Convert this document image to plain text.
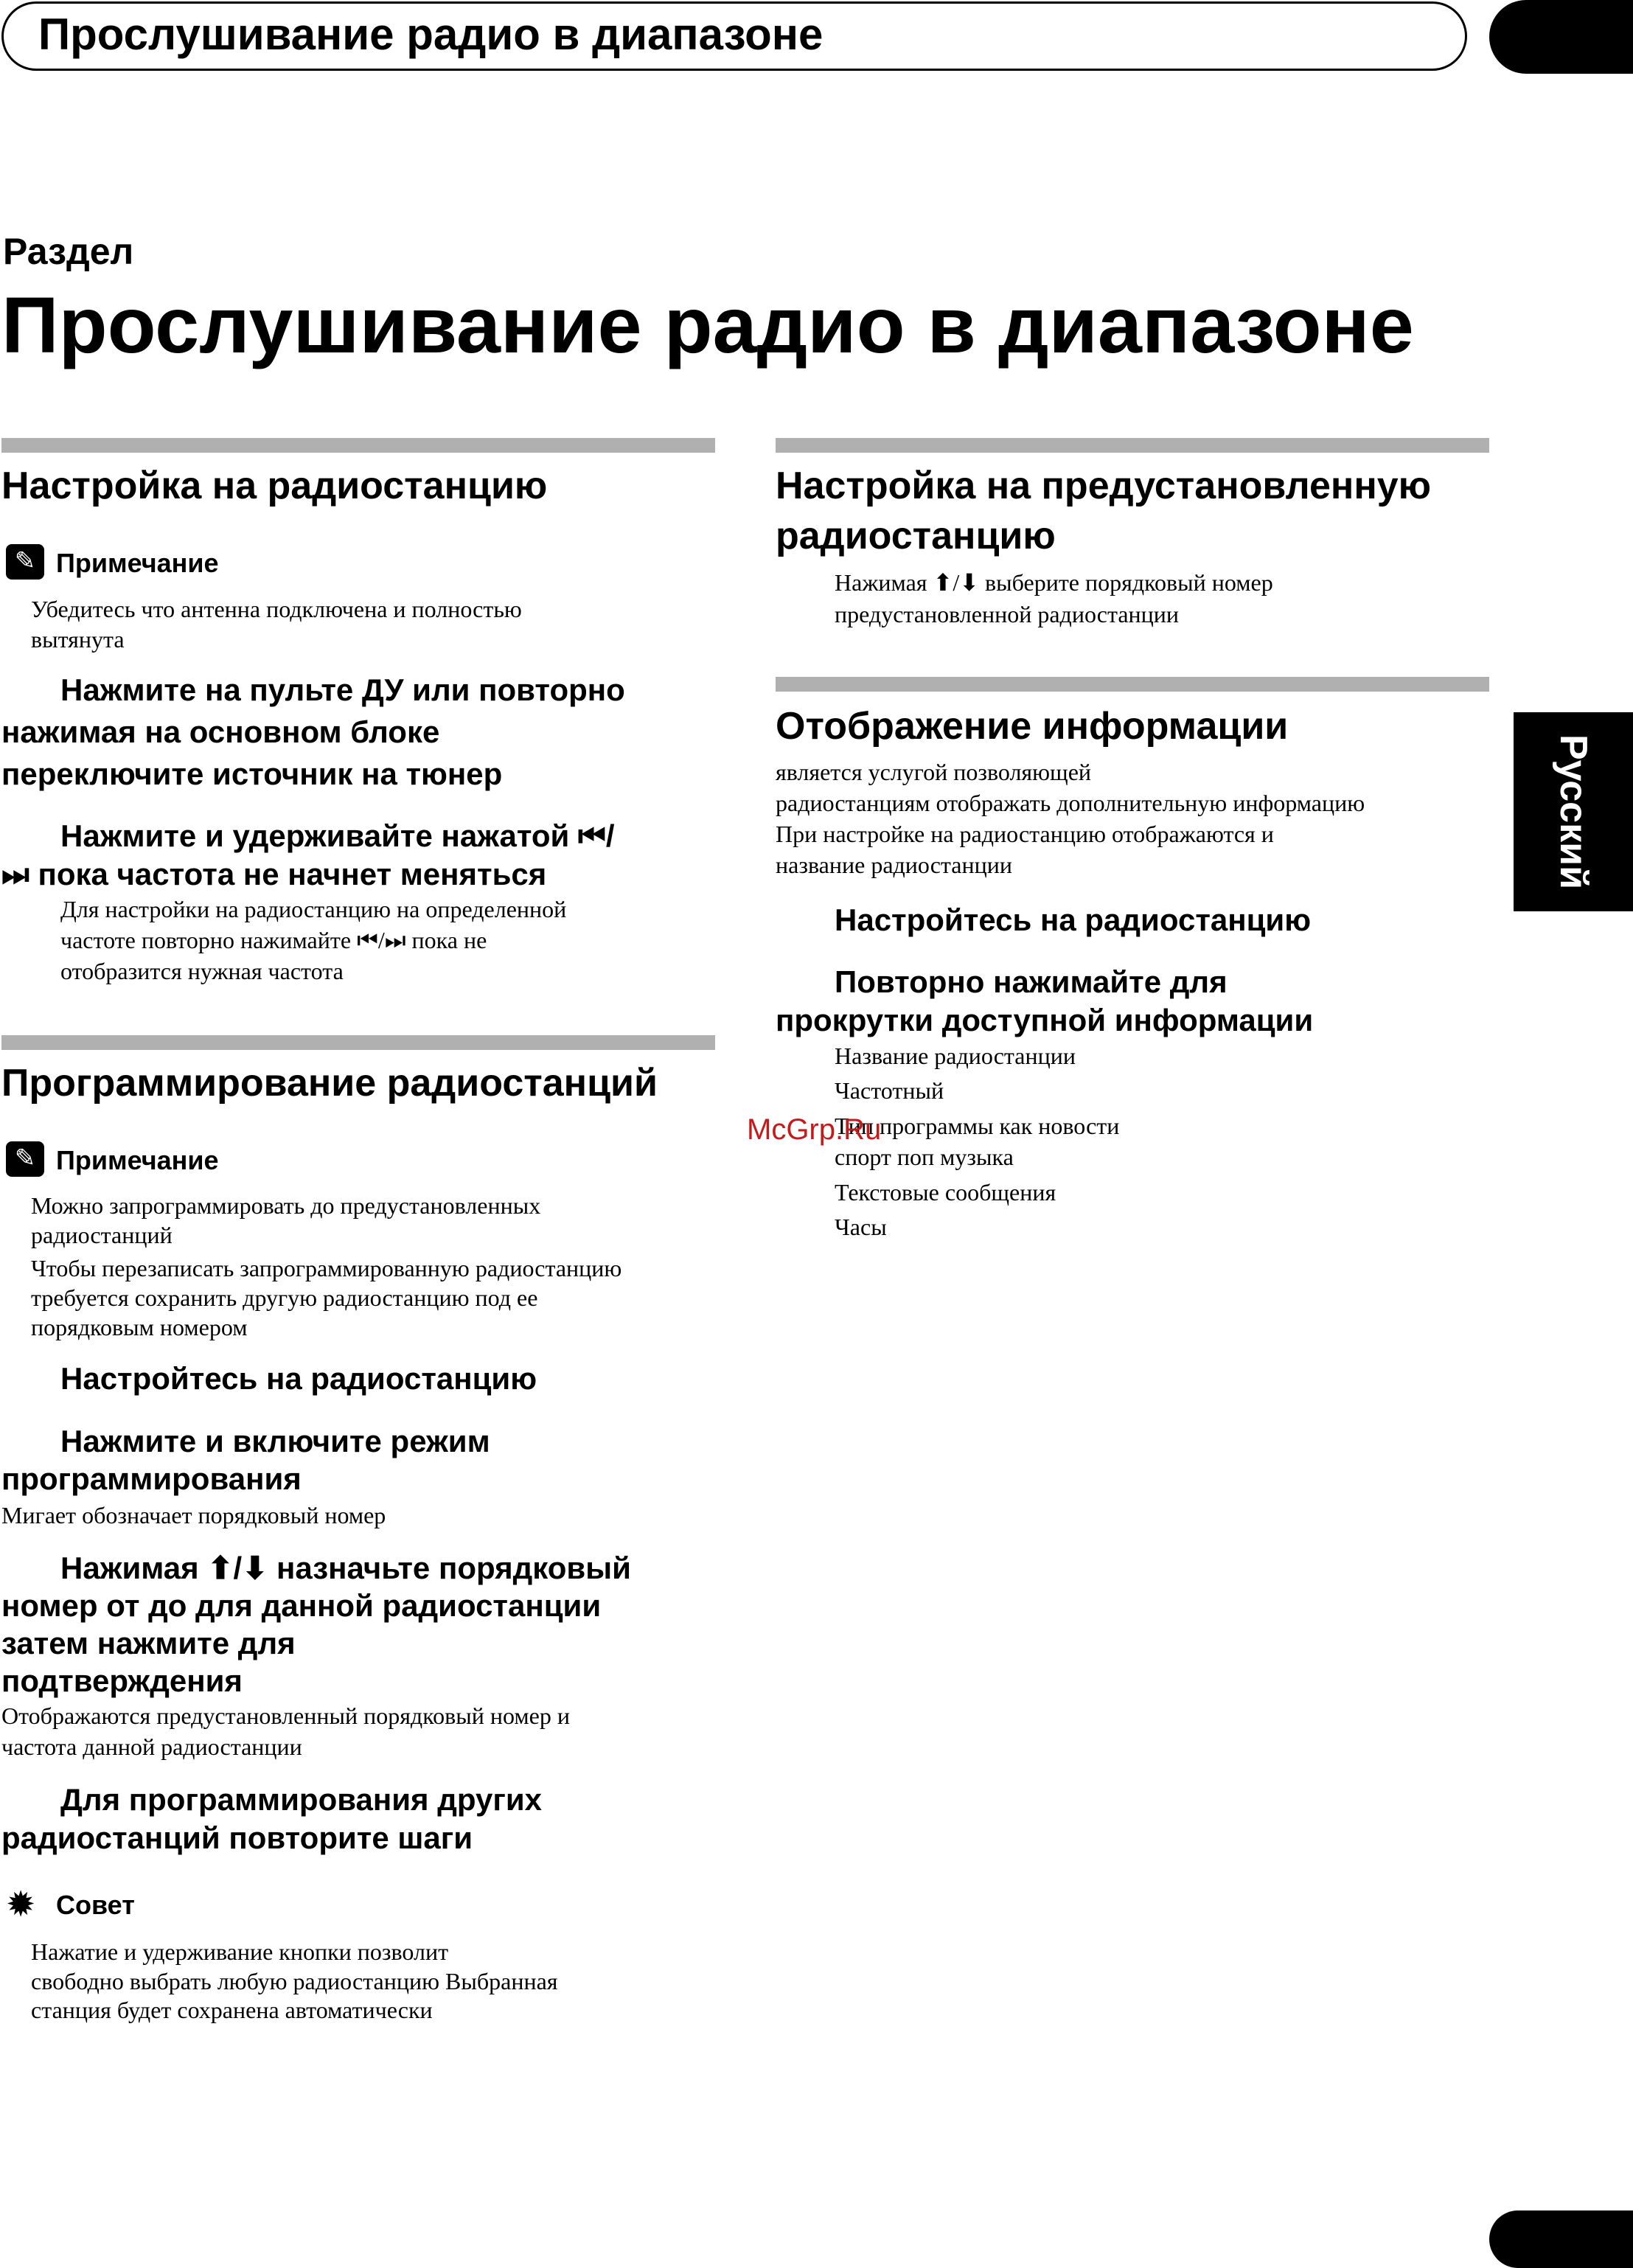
Прослушивание радио в диапазоне
Раздел
Прослушивание радио в диапазоне
Настройка на радиостанцию
✎ Примечание
Убедитесь что антенна подключена и полностью
вытянута
Нажмите на пульте ДУ или повторно
нажимая на основном блоке
переключите источник на тюнер
Нажмите и удерживайте нажатой ⏮/
⏭ пока частота не начнет меняться
Для настройки на радиостанцию на определенной
частоте повторно нажимайте ⏮/⏭ пока не
отобразится нужная частота
Программирование радиостанций
✎ Примечание
Можно запрограммировать до предустановленных
радиостанций
Чтобы перезаписать запрограммированную радиостанцию
требуется сохранить другую радиостанцию под ее
порядковым номером
Настройтесь на радиостанцию
Нажмите и включите режим
программирования
Мигает обозначает порядковый номер
Нажимая ⬆/⬇ назначьте порядковый
номер от до для данной радиостанции
затем нажмите для
подтверждения
Отображаются предустановленный порядковый номер и
частота данной радиостанции
Для программирования других
радиостанций повторите шаги
✹ Совет
Нажатие и удерживание кнопки позволит
свободно выбрать любую радиостанцию Выбранная
станция будет сохранена автоматически
Настройка на предустановленную
радиостанцию
Нажимая ⬆/⬇ выберите порядковый номер
предустановленной радиостанции
Отображение информации
является услугой позволяющей
радиостанциям отображать дополнительную информацию
При настройке на радиостанцию отображаются и
название радиостанции
Настройтесь на радиостанцию
Повторно нажимайте для
прокрутки доступной информации
Название радиостанции
Частотный
Тип программы как новости
спорт поп музыка
Текстовые сообщения
Часы
McGrp.Ru
Русский
